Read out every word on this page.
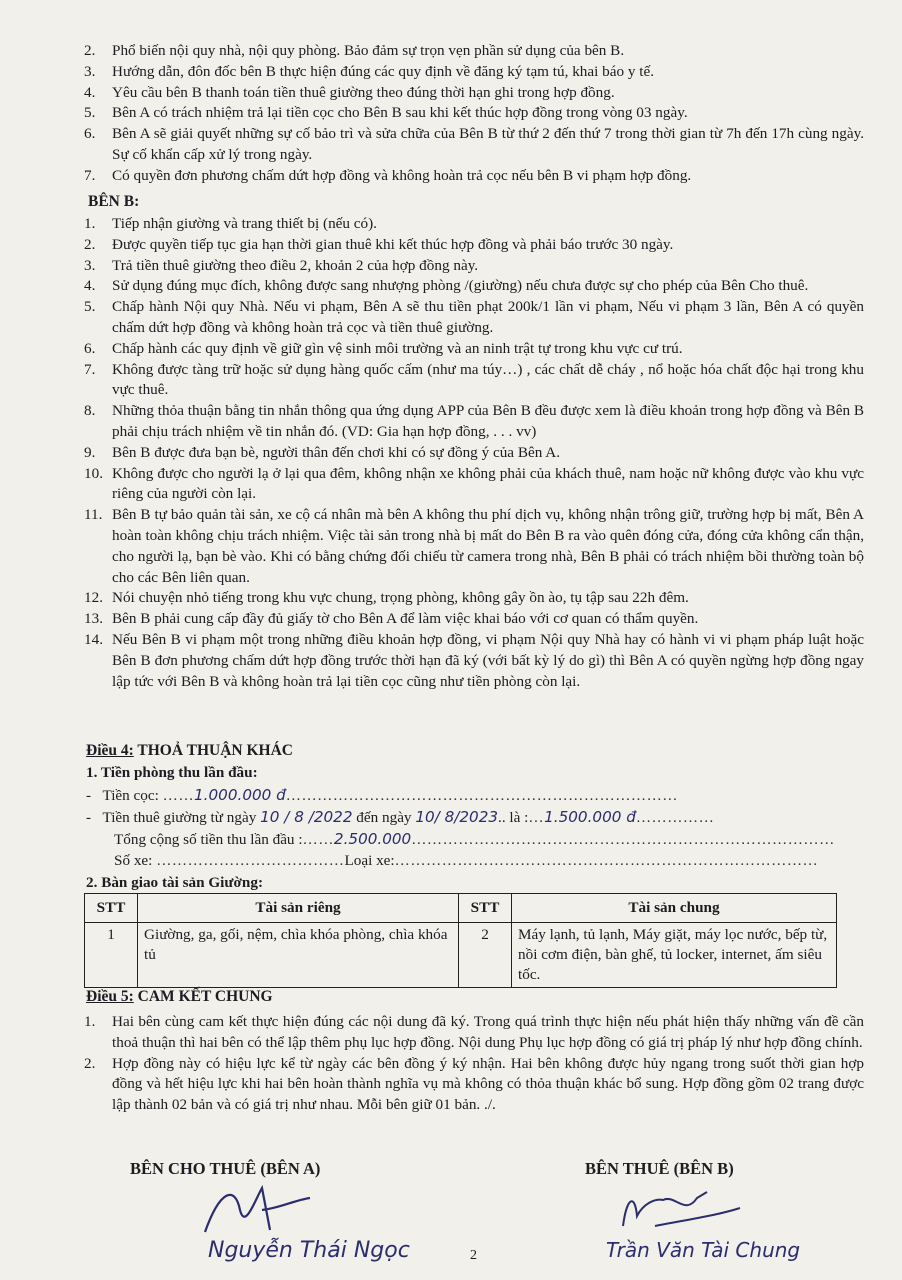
2. Phổ biến nội quy nhà, nội quy phòng. Bảo đảm sự trọn vẹn phần sử dụng của bên B.
3. Hướng dẫn, đôn đốc bên B thực hiện đúng các quy định về đăng ký tạm tú, khai báo y tế.
4. Yêu cầu bên B thanh toán tiền thuê giường theo đúng thời hạn ghi trong hợp đồng.
5. Bên A có trách nhiệm trả lại tiền cọc cho Bên B sau khi kết thúc hợp đồng trong vòng 03 ngày.
6. Bên A sẽ giải quyết những sự cố bảo trì và sửa chữa của Bên B từ thứ 2 đến thứ 7 trong thời gian từ 7h đến 17h cùng ngày. Sự cố khẩn cấp xử lý trong ngày.
7. Có quyền đơn phương chấm dứt hợp đồng và không hoàn trả cọc nếu bên B vi phạm hợp đồng.
BÊN B:
1. Tiếp nhận giường và trang thiết bị (nếu có).
2. Được quyền tiếp tục gia hạn thời gian thuê khi kết thúc hợp đồng và phải báo trước 30 ngày.
3. Trả tiền thuê giường theo điều 2, khoản 2 của hợp đồng này.
4. Sử dụng đúng mục đích, không được sang nhượng phòng /(giường) nếu chưa được sự cho phép của Bên Cho thuê.
5. Chấp hành Nội quy Nhà. Nếu vi phạm, Bên A sẽ thu tiền phạt 200k/1 lần vi phạm, Nếu vi phạm 3 lần, Bên A có quyền chấm dứt hợp đồng và không hoàn trả cọc và tiền thuê giường.
6. Chấp hành các quy định về giữ gìn vệ sinh môi trường và an ninh trật tự trong khu vực cư trú.
7. Không được tàng trữ hoặc sử dụng hàng quốc cấm (như ma túy…) , các chất dễ cháy , nổ hoặc hóa chất độc hại trong khu vực thuê.
8. Những thỏa thuận bằng tin nhắn thông qua ứng dụng APP của Bên B đều được xem là điều khoản trong hợp đồng và Bên B phải chịu trách nhiệm về tin nhắn đó. (VD: Gia hạn hợp đồng, . . . vv)
9. Bên B được đưa bạn bè, người thân đến chơi khi có sự đồng ý của Bên A.
10. Không được cho người lạ ở lại qua đêm, không nhận xe không phải của khách thuê, nam hoặc nữ không được vào khu vực riêng của người còn lại.
11. Bên B tự bảo quản tài sản, xe cộ cá nhân mà bên A không thu phí dịch vụ, không nhận trông giữ, trường hợp bị mất, Bên A hoàn toàn không chịu trách nhiệm. Việc tài sản trong nhà bị mất do Bên B ra vào quên đóng cửa, đóng cửa không cẩn thận, cho người lạ, bạn bè vào. Khi có bằng chứng đối chiếu từ camera trong nhà, Bên B phải có trách nhiệm bồi thường toàn bộ cho các Bên liên quan.
12. Nói chuyện nhỏ tiếng trong khu vực chung, trọng phòng, không gây ồn ào, tụ tập sau 22h đêm.
13. Bên B phải cung cấp đầy đủ giấy tờ cho Bên A để làm việc khai báo với cơ quan có thẩm quyền.
14. Nếu Bên B vi phạm một trong những điều khoản hợp đồng, vi phạm Nội quy Nhà hay có hành vi vi phạm pháp luật hoặc Bên B đơn phương chấm dứt hợp đồng trước thời hạn đã ký (với bất kỳ lý do gì) thì Bên A có quyền ngừng hợp đồng ngay lập tức với Bên B và không hoàn trả lại tiền cọc cũng như tiền phòng còn lại.
Điều 4: THOẢ THUẬN KHÁC
1. Tiền phòng thu lần đầu:
-   Tiền cọc: ……1.000.000 đ…………………………………………………………………
-   Tiền thuê giường từ ngày 10 / 8 /2022 đến ngày 10/ 8/2023.. là :…1.500.000 đ……………
Tổng cộng số tiền thu lần đầu :……2.500.000………………………………………………………………………
Số xe: ………………………………Loại xe:………………………………………………………………………
2. Bàn giao tài sản Giường:
STT	Tài sản riêng	STT	Tài sản chung
1	Giường, ga, gối, nệm, chìa khóa phòng, chìa khóa tủ	2	Máy lạnh, tủ lạnh, Máy giặt, máy lọc nước, bếp từ, nồi cơm điện, bàn ghế, tủ locker, internet, ấm siêu tốc.
Điều 5: CAM KẾT CHUNG
1. Hai bên cùng cam kết thực hiện đúng các nội dung đã ký. Trong quá trình thực hiện nếu phát hiện thấy những vấn đề cần thoả thuận thì hai bên có thể lập thêm phụ lục hợp đồng. Nội dung Phụ lục hợp đồng có giá trị pháp lý như hợp đồng chính.
2. Hợp đồng này có hiệu lực kể từ ngày các bên đồng ý ký nhận. Hai bên không được hủy ngang trong suốt thời gian hợp đồng và hết hiệu lực khi hai bên hoàn thành nghĩa vụ mà không có thỏa thuận khác bổ sung. Hợp đồng gồm 02 trang được lập thành 02 bản và có giá trị như nhau. Mỗi bên giữ 01 bản. ./.
BÊN CHO THUÊ (BÊN A)	BÊN THUÊ (BÊN B)
Nguyễn Thái Ngọc	Trần Văn Tài Chung
2
